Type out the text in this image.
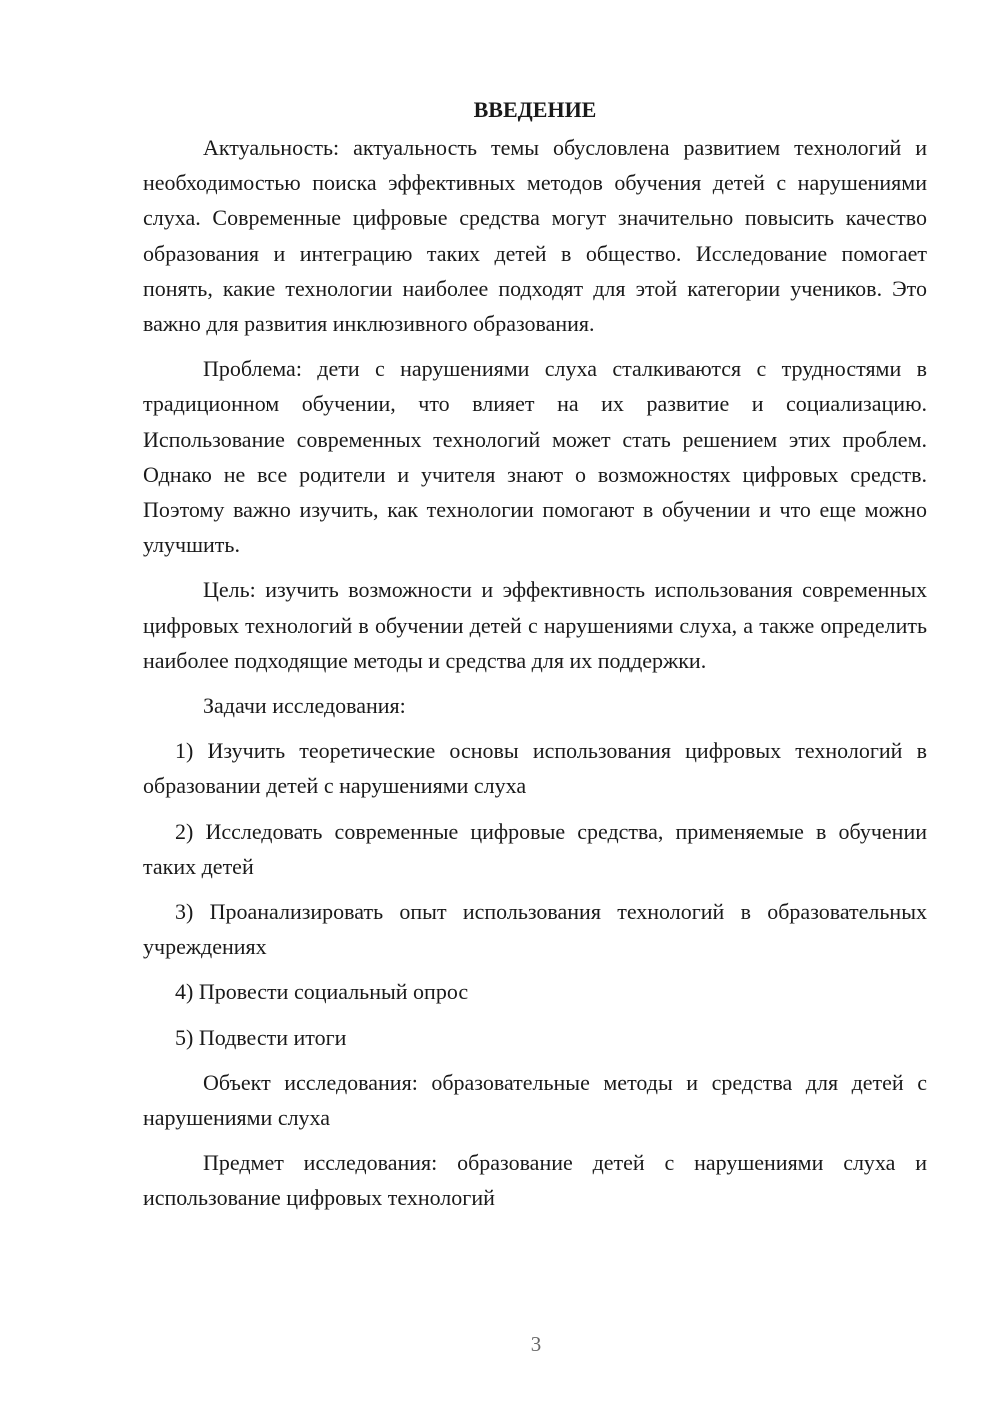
ВВЕДЕНИЕ

Актуальность: актуальность темы обусловлена развитием технологий и необходимостью поиска эффективных методов обучения детей с нарушениями слуха. Современные цифровые средства могут значительно повысить качество образования и интеграцию таких детей в общество. Исследование помогает понять, какие технологии наиболее подходят для этой категории учеников. Это важно для развития инклюзивного образования.

Проблема: дети с нарушениями слуха сталкиваются с трудностями в традиционном обучении, что влияет на их развитие и социализацию. Использование современных технологий может стать решением этих проблем. Однако не все родители и учителя знают о возможностях цифровых средств. Поэтому важно изучить, как технологии помогают в обучении и что еще можно улучшить.

Цель: изучить возможности и эффективность использования современных цифровых технологий в обучении детей с нарушениями слуха, а также определить наиболее подходящие методы и средства для их поддержки.

Задачи исследования:

1) Изучить теоретические основы использования цифровых технологий в образовании детей с нарушениями слуха

2) Исследовать современные цифровые средства, применяемые в обучении таких детей

3) Проанализировать опыт использования технологий в образовательных учреждениях

4) Провести социальный опрос

5) Подвести итоги

Объект исследования: образовательные методы и средства для детей с нарушениями слуха

Предмет исследования: образование детей с нарушениями слуха и использование цифровых технологий

3
